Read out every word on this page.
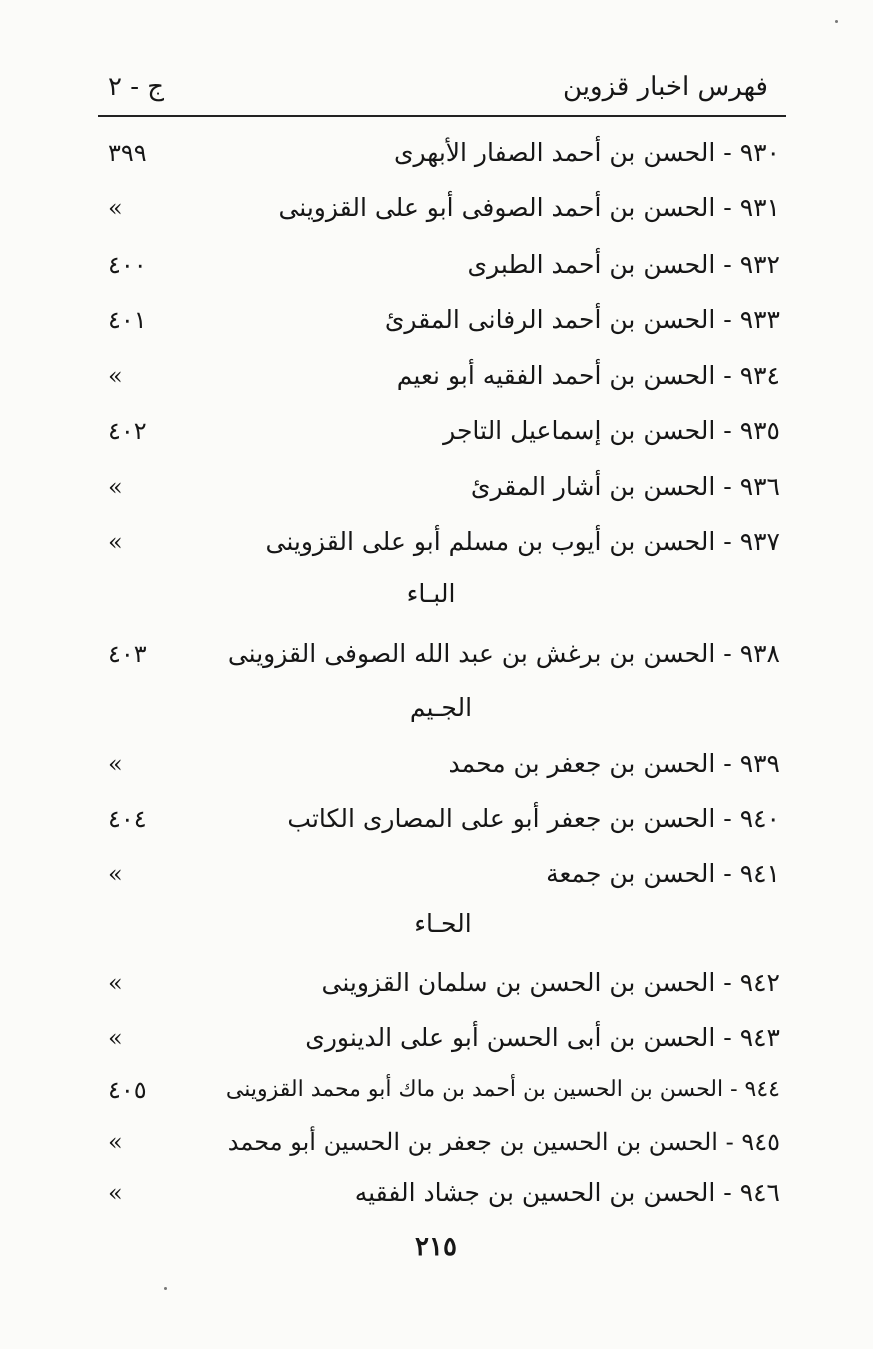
فهرس اخبار قزوين
ج - ٢
٩٣٠ - الحسن بن أحمد الصفار الأبهرى
٣٩٩
٩٣١ - الحسن بن أحمد الصوفى أبو على القزوينى
»
٩٣٢ - الحسن بن أحمد الطبرى
٤٠٠
٩٣٣ - الحسن بن أحمد الرفانى المقرئ
٤٠١
٩٣٤ - الحسن بن أحمد الفقيه أبو نعيم
»
٩٣٥ - الحسن بن إسماعيل التاجر
٤٠٢
٩٣٦ - الحسن بن أشار المقرئ
»
٩٣٧ - الحسن بن أيوب بن مسلم أبو على القزوينى
»
البـاء
٩٣٨ - الحسن بن برغش بن عبد الله الصوفى القزوينى
٤٠٣
الجـيم
٩٣٩ - الحسن بن جعفر بن محمد
»
٩٤٠ - الحسن بن جعفر أبو على المصارى الكاتب
٤٠٤
٩٤١ - الحسن بن جمعة
»
الحـاء
٩٤٢ - الحسن بن الحسن بن سلمان القزوينى
»
٩٤٣ - الحسن بن أبى الحسن أبو على الدينورى
»
٩٤٤ - الحسن بن الحسين بن أحمد بن ماك أبو محمد القزوينى
٤٠٥
٩٤٥ - الحسن بن الحسين بن جعفر بن الحسين أبو محمد
»
٩٤٦ - الحسن بن الحسين بن جشاد الفقيه
»
٢١٥
